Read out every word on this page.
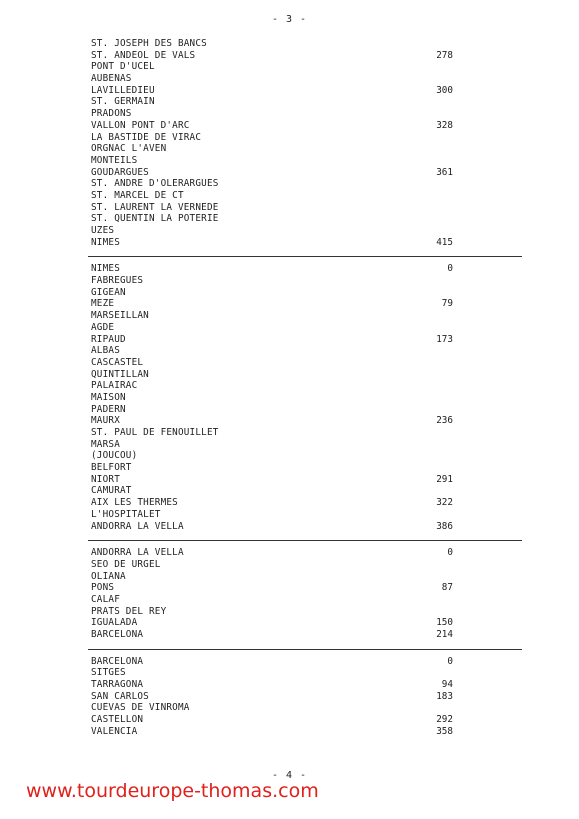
- 3 -
ST. JOSEPH DES BANCS
ST. ANDEOL DE VALS	278
PONT D'UCEL
AUBENAS
LAVILLEDIEU	300
ST. GERMAIN
PRADONS
VALLON PONT D'ARC	328
LA BASTIDE DE VIRAC
ORGNAC L'AVEN
MONTEILS
GOUDARGUES	361
ST. ANDRE D'OLERARGUES
ST. MARCEL DE CT
ST. LAURENT LA VERNEDE
ST. QUENTIN LA POTERIE
UZES
NIMES	415
NIMES	0
FABREGUES
GIGEAN
MEZE	79
MARSEILLAN
AGDE
RIPAUD	173
ALBAS
CASCASTEL
QUINTILLAN
PALAIRAC
MAISON
PADERN
MAURX	236
ST. PAUL DE FENOUILLET
MARSA
(JOUCOU)
BELFORT
NIORT	291
CAMURAT
AIX LES THERMES	322
L'HOSPITALET
ANDORRA LA VELLA	386
ANDORRA LA VELLA	0
SEO DE URGEL
OLIANA
PONS	87
CALAF
PRATS DEL REY
IGUALADA	150
BARCELONA	214
BARCELONA	0
SITGES
TARRAGONA	94
SAN CARLOS	183
CUEVAS DE VINROMA
CASTELLON	292
VALENCIA	358
- 4 -
www.tourdeurope-thomas.com
